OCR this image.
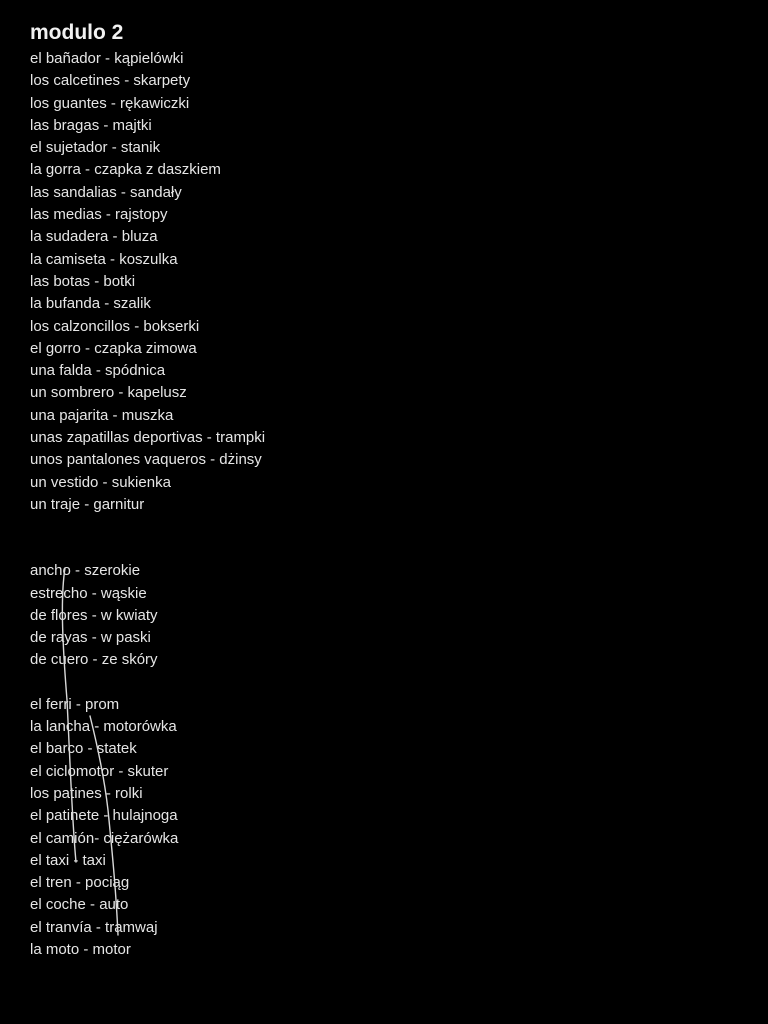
modulo 2
el bañador - kąpielówki
los calcetines - skarpety
los guantes - rękawiczki
las bragas - majtki
el sujetador - stanik
la gorra - czapka z daszkiem
las sandalias - sandały
las medias - rajstopy
la sudadera - bluza
la camiseta - koszulka
las botas - botki
la bufanda - szalik
los calzoncillos - bokserki
el gorro - czapka zimowa
una falda - spódnica
un sombrero - kapelusz
una pajarita - muszka
unas zapatillas deportivas - trampki
unos pantalones vaqueros - dżinsy
un vestido - sukienka
un traje - garnitur
ancho - szerokie
estrecho - wąskie
de flores - w kwiaty
de rayas - w paski
de cuero - ze skóry
el ferri - prom
la lancha - motorówka
el barco - statek
el ciclomotor - skuter
los patines - rolki
el patinete - hulajnoga
el camión- ciężarówka
el taxi - taxi
el tren - pociąg
el coche - auto
el tranvía - tramwaj
la moto - motor
